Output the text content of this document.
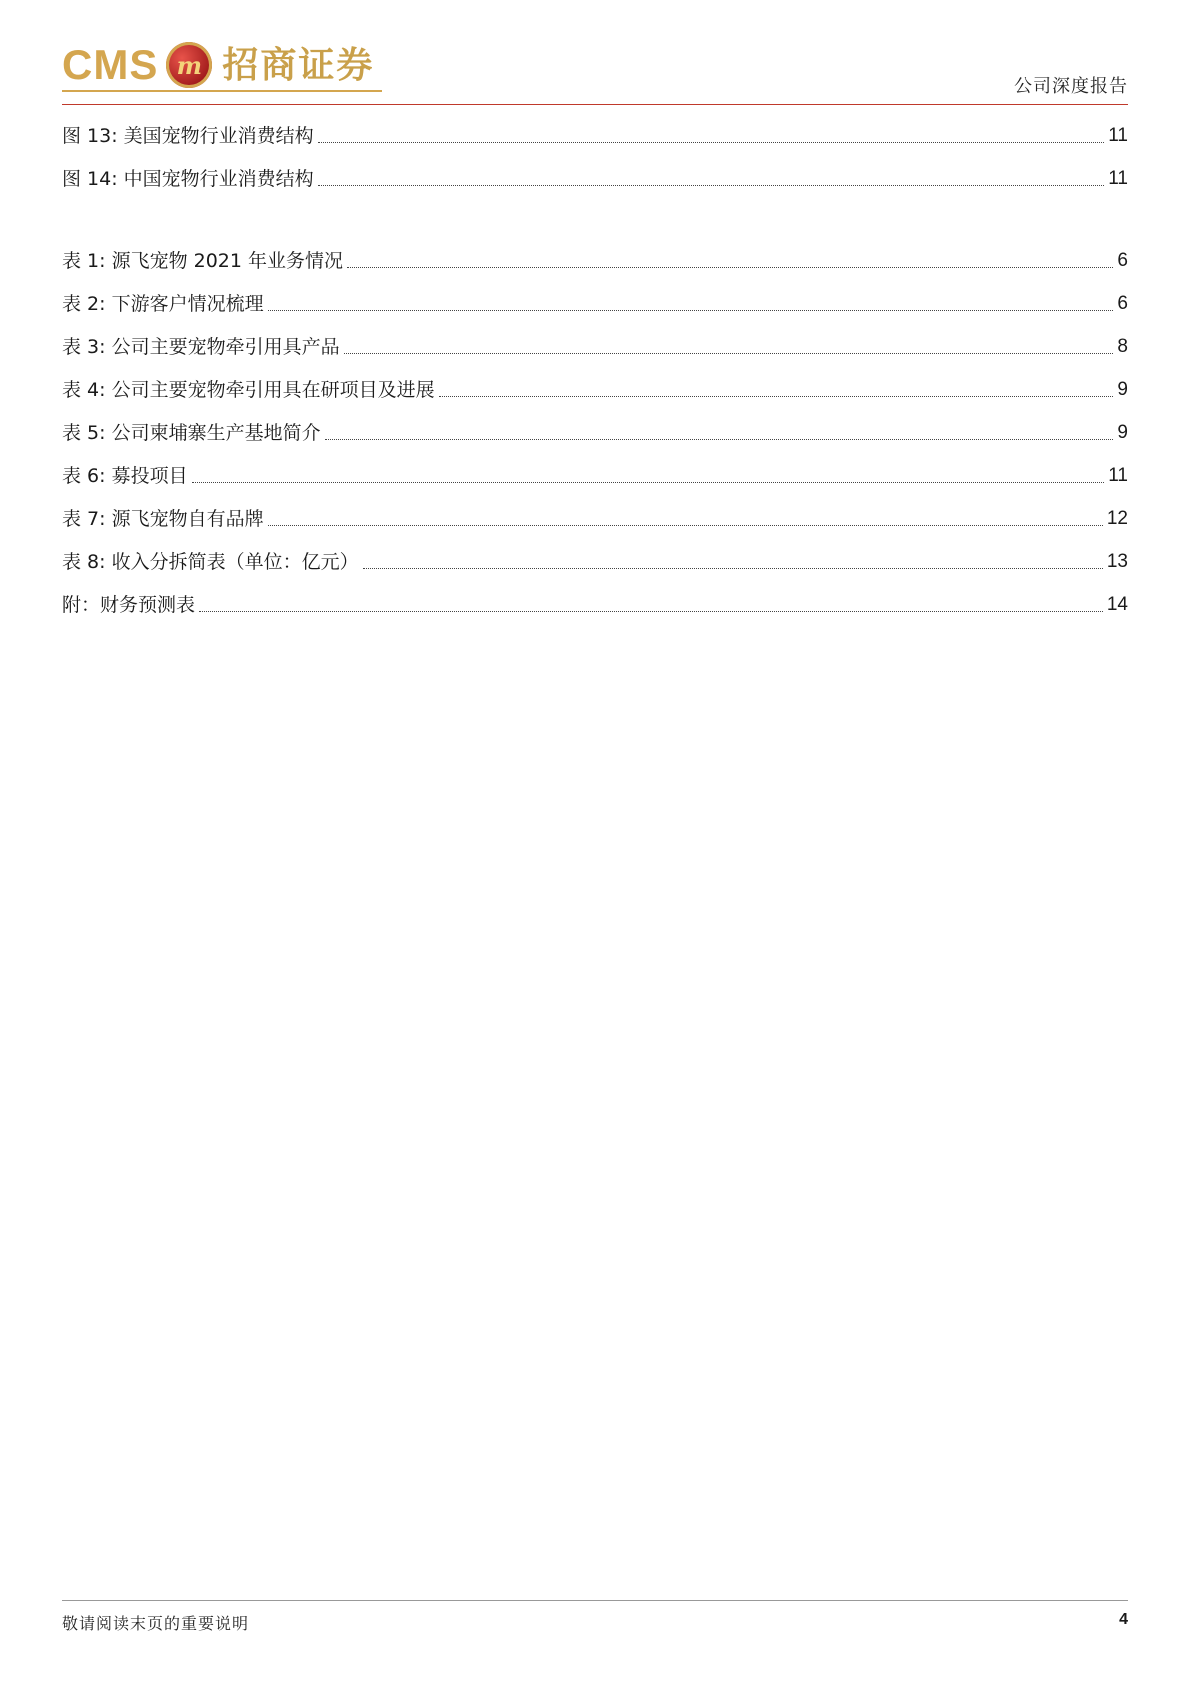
CMS m 招商证券
公司深度报告
图 13: 美国宠物行业消费结构	11
图 14: 中国宠物行业消费结构	11
表 1: 源飞宠物 2021 年业务情况	6
表 2: 下游客户情况梳理	6
表 3: 公司主要宠物牵引用具产品	8
表 4: 公司主要宠物牵引用具在研项目及进展	9
表 5: 公司柬埔寨生产基地简介	9
表 6: 募投项目	11
表 7: 源飞宠物自有品牌	12
表 8: 收入分拆简表（单位：亿元）	13
附：财务预测表	14
敬请阅读末页的重要说明	4
